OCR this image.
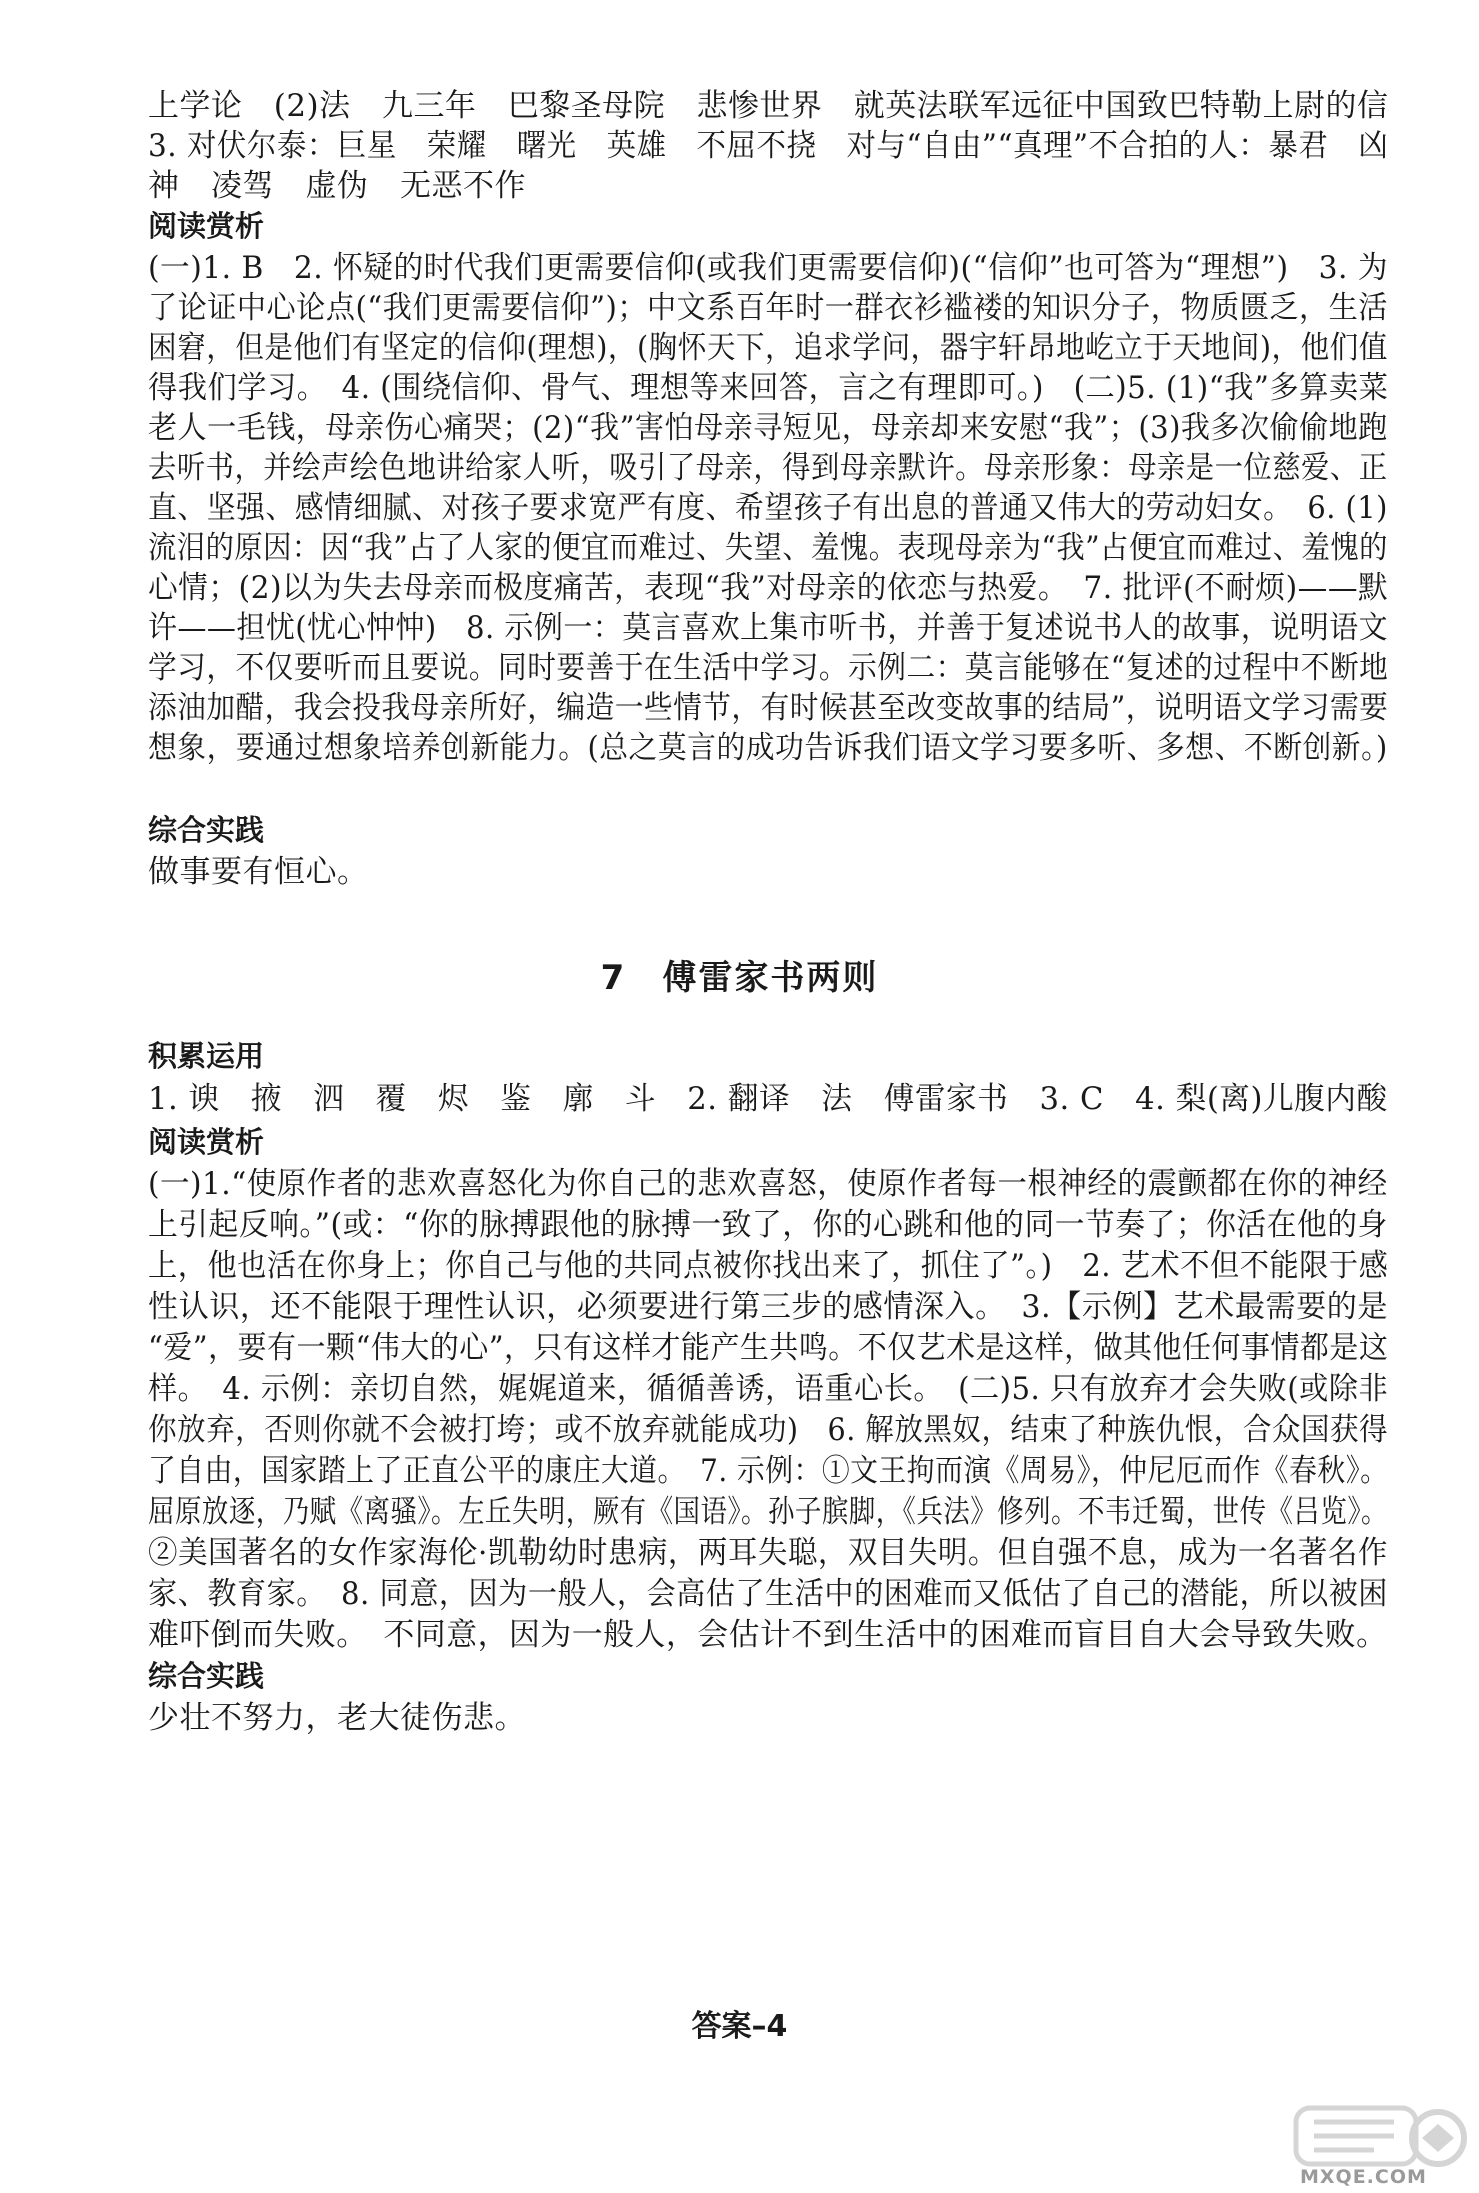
上学论　(2)法　九三年　巴黎圣母院　悲惨世界　就英法联军远征中国致巴特勒上尉的信
3. 对伏尔泰：巨星　荣耀　曙光　英雄　不屈不挠　对与“自由”“真理”不合拍的人：暴君　凶
神　凌驾　虚伪　无恶不作
阅读赏析
(一)1. B　2. 怀疑的时代我们更需要信仰(或我们更需要信仰)(“信仰”也可答为“理想”)　3. 为
了论证中心论点(“我们更需要信仰”)；中文系百年时一群衣衫褴褛的知识分子，物质匮乏，生活
困窘，但是他们有坚定的信仰(理想)，(胸怀天下，追求学问，器宇轩昂地屹立于天地间)，他们值
得我们学习。　4. (围绕信仰、骨气、理想等来回答，言之有理即可。)　(二)5. (1)“我”多算卖菜
老人一毛钱，母亲伤心痛哭；(2)“我”害怕母亲寻短见，母亲却来安慰“我”；(3)我多次偷偷地跑
去听书，并绘声绘色地讲给家人听，吸引了母亲，得到母亲默许。母亲形象：母亲是一位慈爱、正
直、坚强、感情细腻、对孩子要求宽严有度、希望孩子有出息的普通又伟大的劳动妇女。　6. (1)
流泪的原因：因“我”占了人家的便宜而难过、失望、羞愧。表现母亲为“我”占便宜而难过、羞愧的
心情；(2)以为失去母亲而极度痛苦，表现“我”对母亲的依恋与热爱。　7. 批评(不耐烦)——默
许——担忧(忧心忡忡)　8. 示例一：莫言喜欢上集市听书，并善于复述说书人的故事，说明语文
学习，不仅要听而且要说。同时要善于在生活中学习。示例二：莫言能够在“复述的过程中不断地
添油加醋，我会投我母亲所好，编造一些情节，有时候甚至改变故事的结局”，说明语文学习需要
想象，要通过想象培养创新能力。(总之莫言的成功告诉我们语文学习要多听、多想、不断创新。)
综合实践
做事要有恒心。
7　傅雷家书两则
积累运用
1. 谀　掖　泗　覆　烬　鉴　廓　斗　2. 翻译　法　傅雷家书　3. C　4. 梨(离)儿腹内酸
阅读赏析
(一)1.“使原作者的悲欢喜怒化为你自己的悲欢喜怒，使原作者每一根神经的震颤都在你的神经
上引起反响。”(或：“你的脉搏跟他的脉搏一致了，你的心跳和他的同一节奏了；你活在他的身
上，他也活在你身上；你自己与他的共同点被你找出来了，抓住了”。)　2. 艺术不但不能限于感
性认识，还不能限于理性认识，必须要进行第三步的感情深入。　3.【示例】艺术最需要的是
“爱”，要有一颗“伟大的心”，只有这样才能产生共鸣。不仅艺术是这样，做其他任何事情都是这
样。　4. 示例：亲切自然，娓娓道来，循循善诱，语重心长。　(二)5. 只有放弃才会失败(或除非
你放弃，否则你就不会被打垮；或不放弃就能成功)　6. 解放黑奴，结束了种族仇恨，合众国获得
了自由，国家踏上了正直公平的康庄大道。　7. 示例：①文王拘而演《周易》，仲尼厄而作《春秋》。
屈原放逐，乃赋《离骚》。左丘失明，厥有《国语》。孙子膑脚，《兵法》修列。不韦迁蜀，世传《吕览》。
②美国著名的女作家海伦·凯勒幼时患病，两耳失聪，双目失明。但自强不息，成为一名著名作
家、教育家。　8. 同意，因为一般人，会高估了生活中的困难而又低估了自己的潜能，所以被困
难吓倒而失败。　不同意，因为一般人，会估计不到生活中的困难而盲目自大会导致失败。
综合实践
少壮不努力，老大徒伤悲。
答案–4
MXQE.COM
